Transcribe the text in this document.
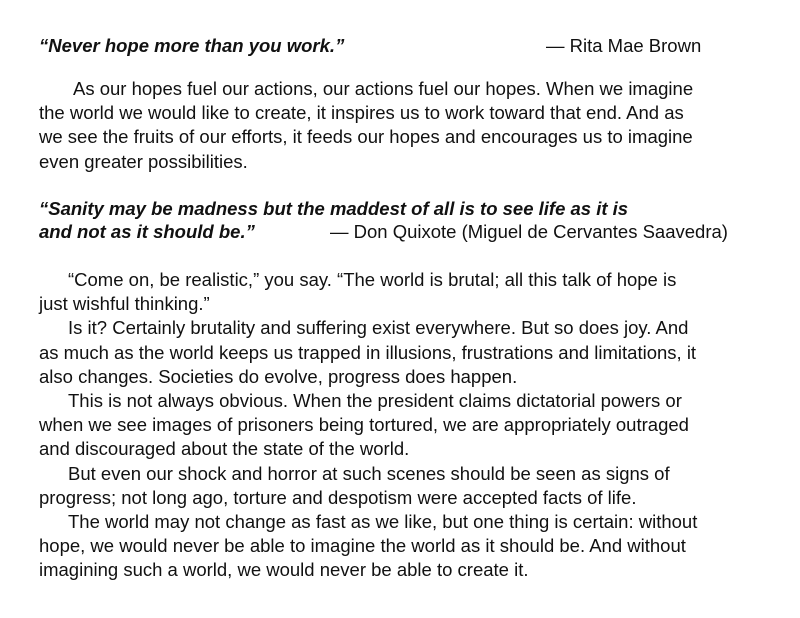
“Never hope more than you work.”	— Rita Mae Brown
As our hopes fuel our actions, our actions fuel our hopes. When we imagine
the world we would like to create, it inspires us to work toward that end. And as
we see the fruits of our efforts, it feeds our hopes and encourages us to imagine
even greater possibilities.
“Sanity may be madness but the maddest of all is to see life as it is
and not as it should be.”	— Don Quixote (Miguel de Cervantes Saavedra)
“Come on, be realistic,” you say. “The world is brutal; all this talk of hope is
just wishful thinking.”
Is it? Certainly brutality and suffering exist everywhere. But so does joy. And
as much as the world keeps us trapped in illusions, frustrations and limitations, it
also changes. Societies do evolve, progress does happen.
This is not always obvious. When the president claims dictatorial powers or
when we see images of prisoners being tortured, we are appropriately outraged
and discouraged about the state of the world.
But even our shock and horror at such scenes should be seen as signs of
progress; not long ago, torture and despotism were accepted facts of life.
The world may not change as fast as we like, but one thing is certain: without
hope, we would never be able to imagine the world as it should be. And without
imagining such a world, we would never be able to create it.
